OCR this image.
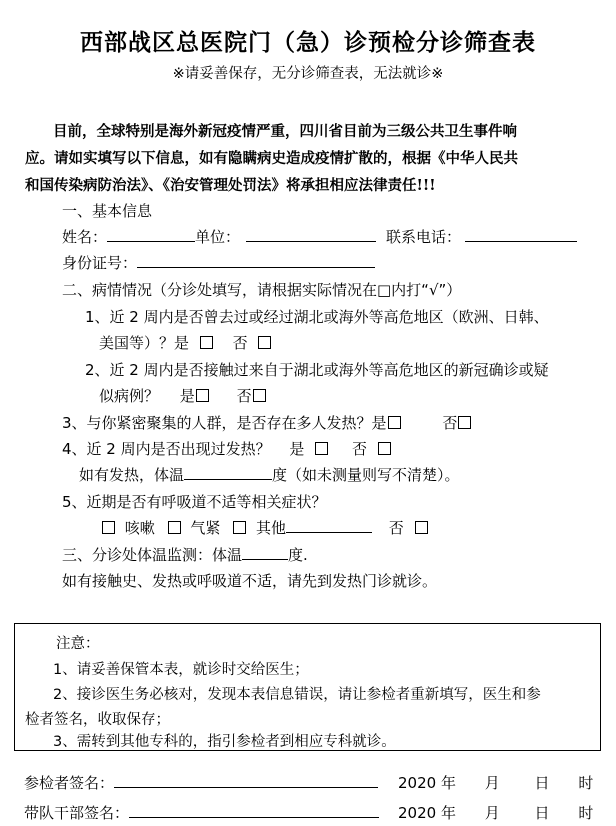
西部战区总医院门（急）诊预检分诊筛查表
※请妥善保存，无分诊筛查表，无法就诊※
目前，全球特别是海外新冠疫情严重，四川省目前为三级公共卫生事件响
应。请如实填写以下信息，如有隐瞒病史造成疫情扩散的，根据《中华人民共
和国传染病防治法》、《治安管理处罚法》将承担相应法律责任!!!
一、基本信息
姓名：	单位：	联系电话：
身份证号：
二、病情情况（分诊处填写，请根据实际情况在□内打“√”）
1、近 2 周内是否曾去过或经过湖北或海外等高危地区（欧洲、日韩、
美国等）？是	否
2、近 2 周内是否接触过来自于湖北或海外等高危地区的新冠确诊或疑
似病例？ 是	否
3、与你紧密聚集的人群，是否存在多人发热？是	否
4、近 2 周内是否出现过发热？ 是	否
如有发热，体温	度（如未测量则写不清楚）。
5、近期是否有呼吸道不适等相关症状？
咳嗽 气紧 其他	否
三、分诊处体温监测：体温	度.
如有接触史、发热或呼吸道不适，请先到发热门诊就诊。
注意：
1、请妥善保管本表，就诊时交给医生；
2、接诊医生务必核对，发现本表信息错误，请让参检者重新填写，医生和参
检者签名，收取保存；
3、需转到其他专科的，指引参检者到相应专科就诊。
参检者签名：	2020 年 月 日 时
带队干部签名：	2020 年 月 日 时
